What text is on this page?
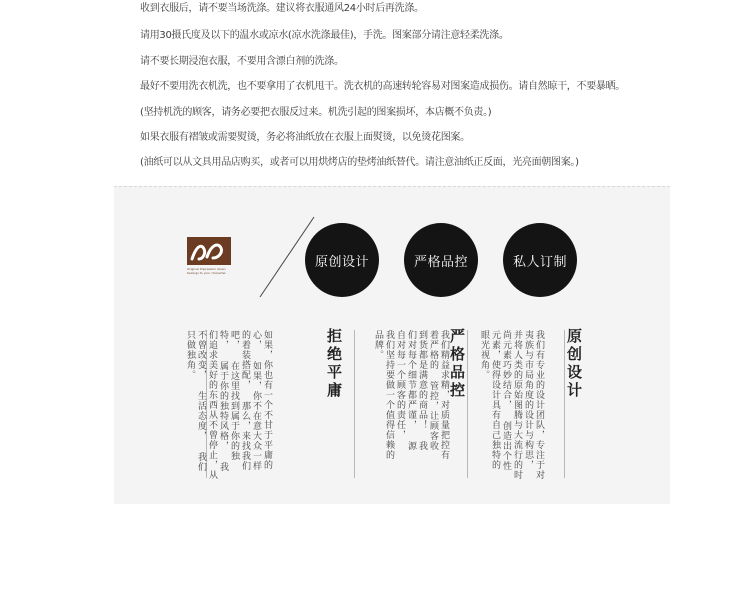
收到衣服后，请不要当场洗涤。建议将衣服通风24小时后再洗涤。
请用30摄氏度及以下的温水或凉水(凉水洗涤最佳)，手洗。图案部分请注意轻柔洗涤。
请不要长期浸泡衣服，不要用含漂白剂的洗涤。
最好不要用洗衣机洗，也不要拿用了衣机甩干。洗衣机的高速转轮容易对图案造成损伤。请自然晾干，不要暴晒。
(坚持机洗的顾客，请务必要把衣服反过来。机洗引起的图案损坏，本店概不负责。)
如果衣服有褶皱或需要熨烫，务必将油纸放在衣服上面熨烫，以免烫花图案。
(油纸可以从文具用品店购买，或者可以用烘烤店的垫烤油纸替代。请注意油纸正反面，光亮面朝图案。)
Original Impression Gown
belongs to your character
原创设计	严格品控	私人订制
原创设计
我们有专业的设计团队，专注于对 夷族与市局角度的设计与构思， 并将人类的原始图腾与大流行的时尚元素巧妙结合， 创造出个性元素，使得设计具有自己独特的 眼光视角。
严格品控
我们精益求精，对质量把控有着严格的 管控，让顾客收到货都是满意的商品！ 我们对每个细节都严谨， 源自对每一个顾客的责任， 我们坚持要做一个值得信赖的品牌。
拒绝平庸
如果，你也有一个不甘于平庸的心， 如果，你不在意大众一样的着装搭配， 那么，来找我们吧， 在这里找到属于你的独特， 属于你的独特风格， 我们追求美好的东西从不曾停止，从不曾改变， 生活态度， 我们只做独角。
